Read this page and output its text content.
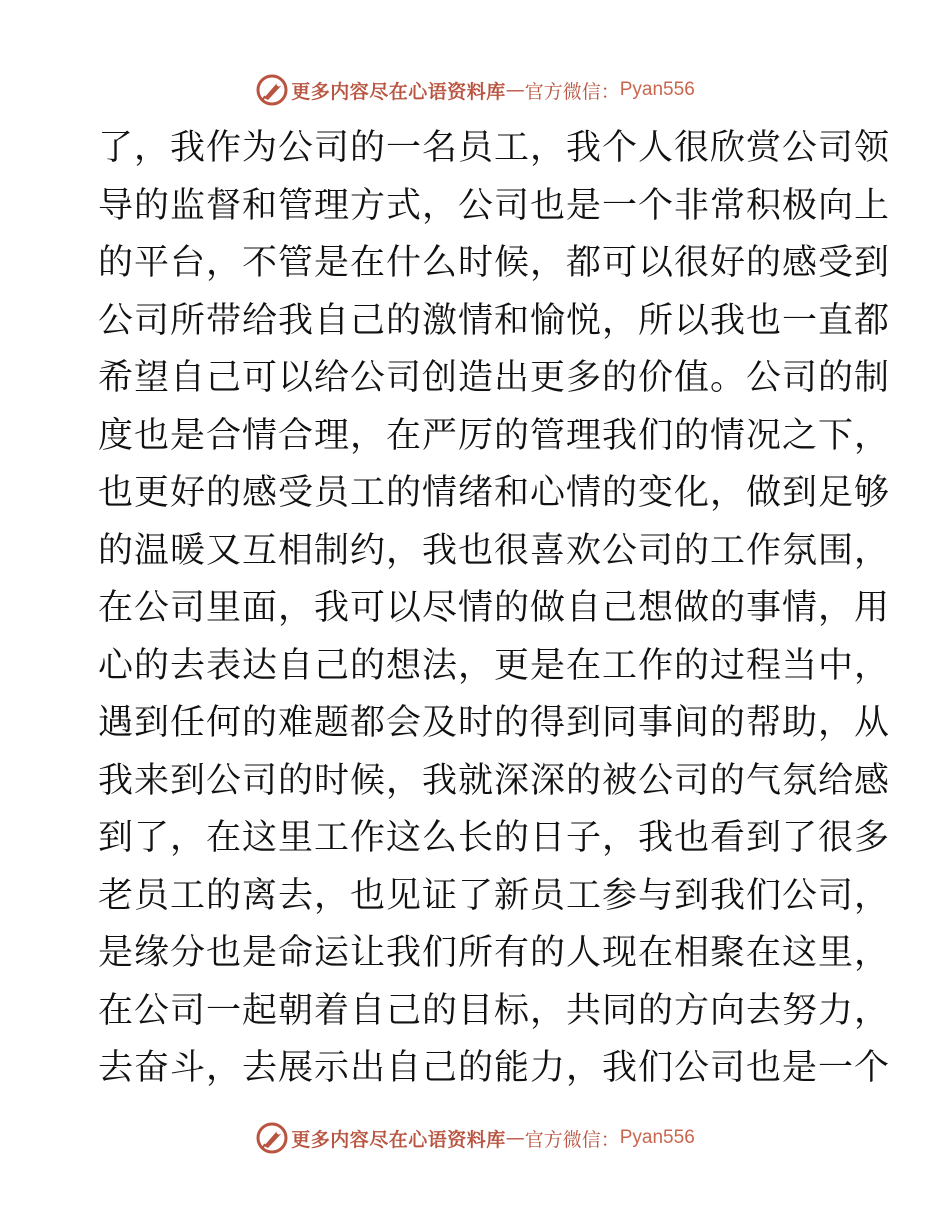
更多内容尽在心语资料库 — 官方微信： Pyan556
了，我作为公司的一名员工，我个人很欣赏公司领
导的监督和管理方式，公司也是一个非常积极向上
的平台，不管是在什么时候，都可以很好的感受到
公司所带给我自己的激情和愉悦，所以我也一直都
希望自己可以给公司创造出更多的价值。公司的制
度也是合情合理，在严厉的管理我们的情况之下，
也更好的感受员工的情绪和心情的变化，做到足够
的温暖又互相制约，我也很喜欢公司的工作氛围，
在公司里面，我可以尽情的做自己想做的事情，用
心的去表达自己的想法，更是在工作的过程当中，
遇到任何的难题都会及时的得到同事间的帮助，从
我来到公司的时候，我就深深的被公司的气氛给感
到了，在这里工作这么长的日子，我也看到了很多
老员工的离去，也见证了新员工参与到我们公司，
是缘分也是命运让我们所有的人现在相聚在这里，
在公司一起朝着自己的目标，共同的方向去努力，
去奋斗，去展示出自己的能力，我们公司也是一个
更多内容尽在心语资料库 — 官方微信： Pyan556
